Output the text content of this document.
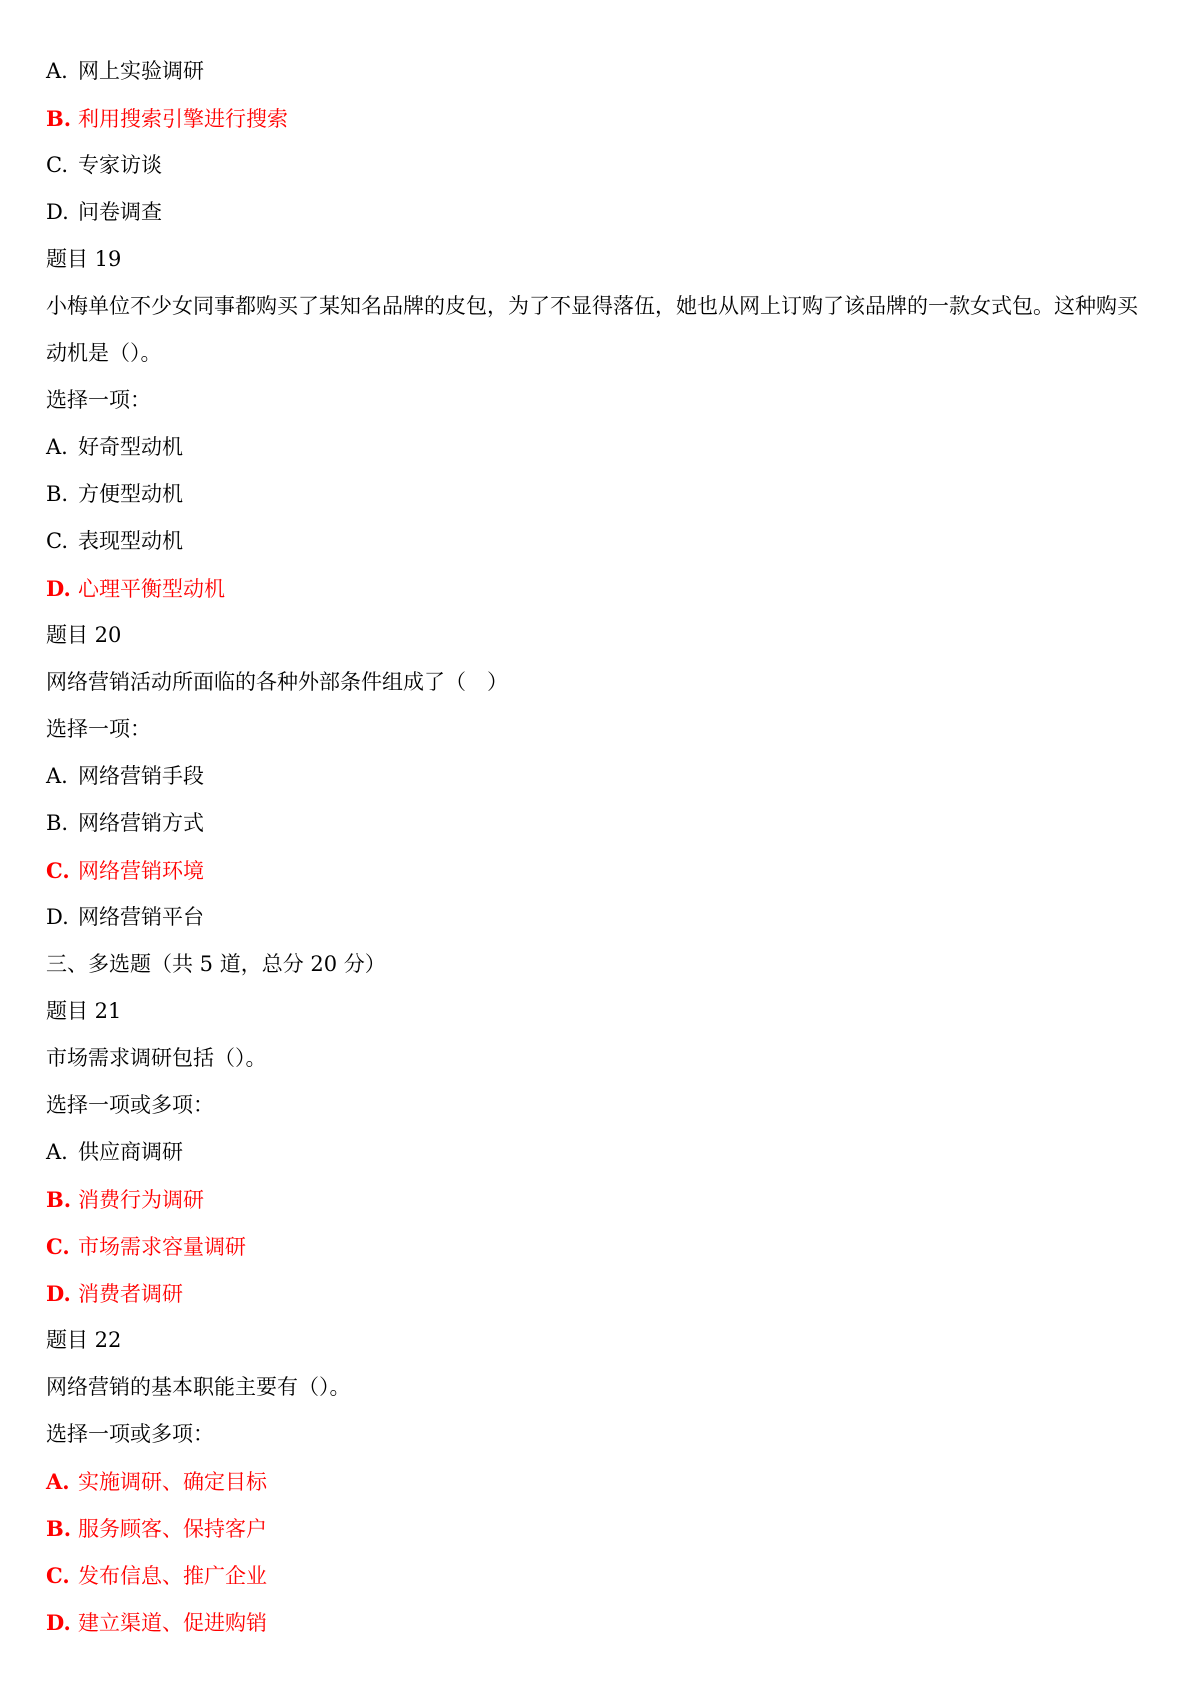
A. 网上实验调研
B. 利用搜索引擎进行搜索
C. 专家访谈
D. 问卷调查
题目 19
小梅单位不少女同事都购买了某知名品牌的皮包，为了不显得落伍，她也从网上订购了该品牌的一款女式包。这种购买
动机是（）。
选择一项：
A. 好奇型动机
B. 方便型动机
C. 表现型动机
D. 心理平衡型动机
题目 20
网络营销活动所面临的各种外部条件组成了（　）
选择一项：
A. 网络营销手段
B. 网络营销方式
C. 网络营销环境
D. 网络营销平台
三、多选题（共 5 道，总分 20 分）
题目 21
市场需求调研包括（）。
选择一项或多项：
A. 供应商调研
B. 消费行为调研
C. 市场需求容量调研
D. 消费者调研
题目 22
网络营销的基本职能主要有（）。
选择一项或多项：
A. 实施调研、确定目标
B. 服务顾客、保持客户
C. 发布信息、推广企业
D. 建立渠道、促进购销
